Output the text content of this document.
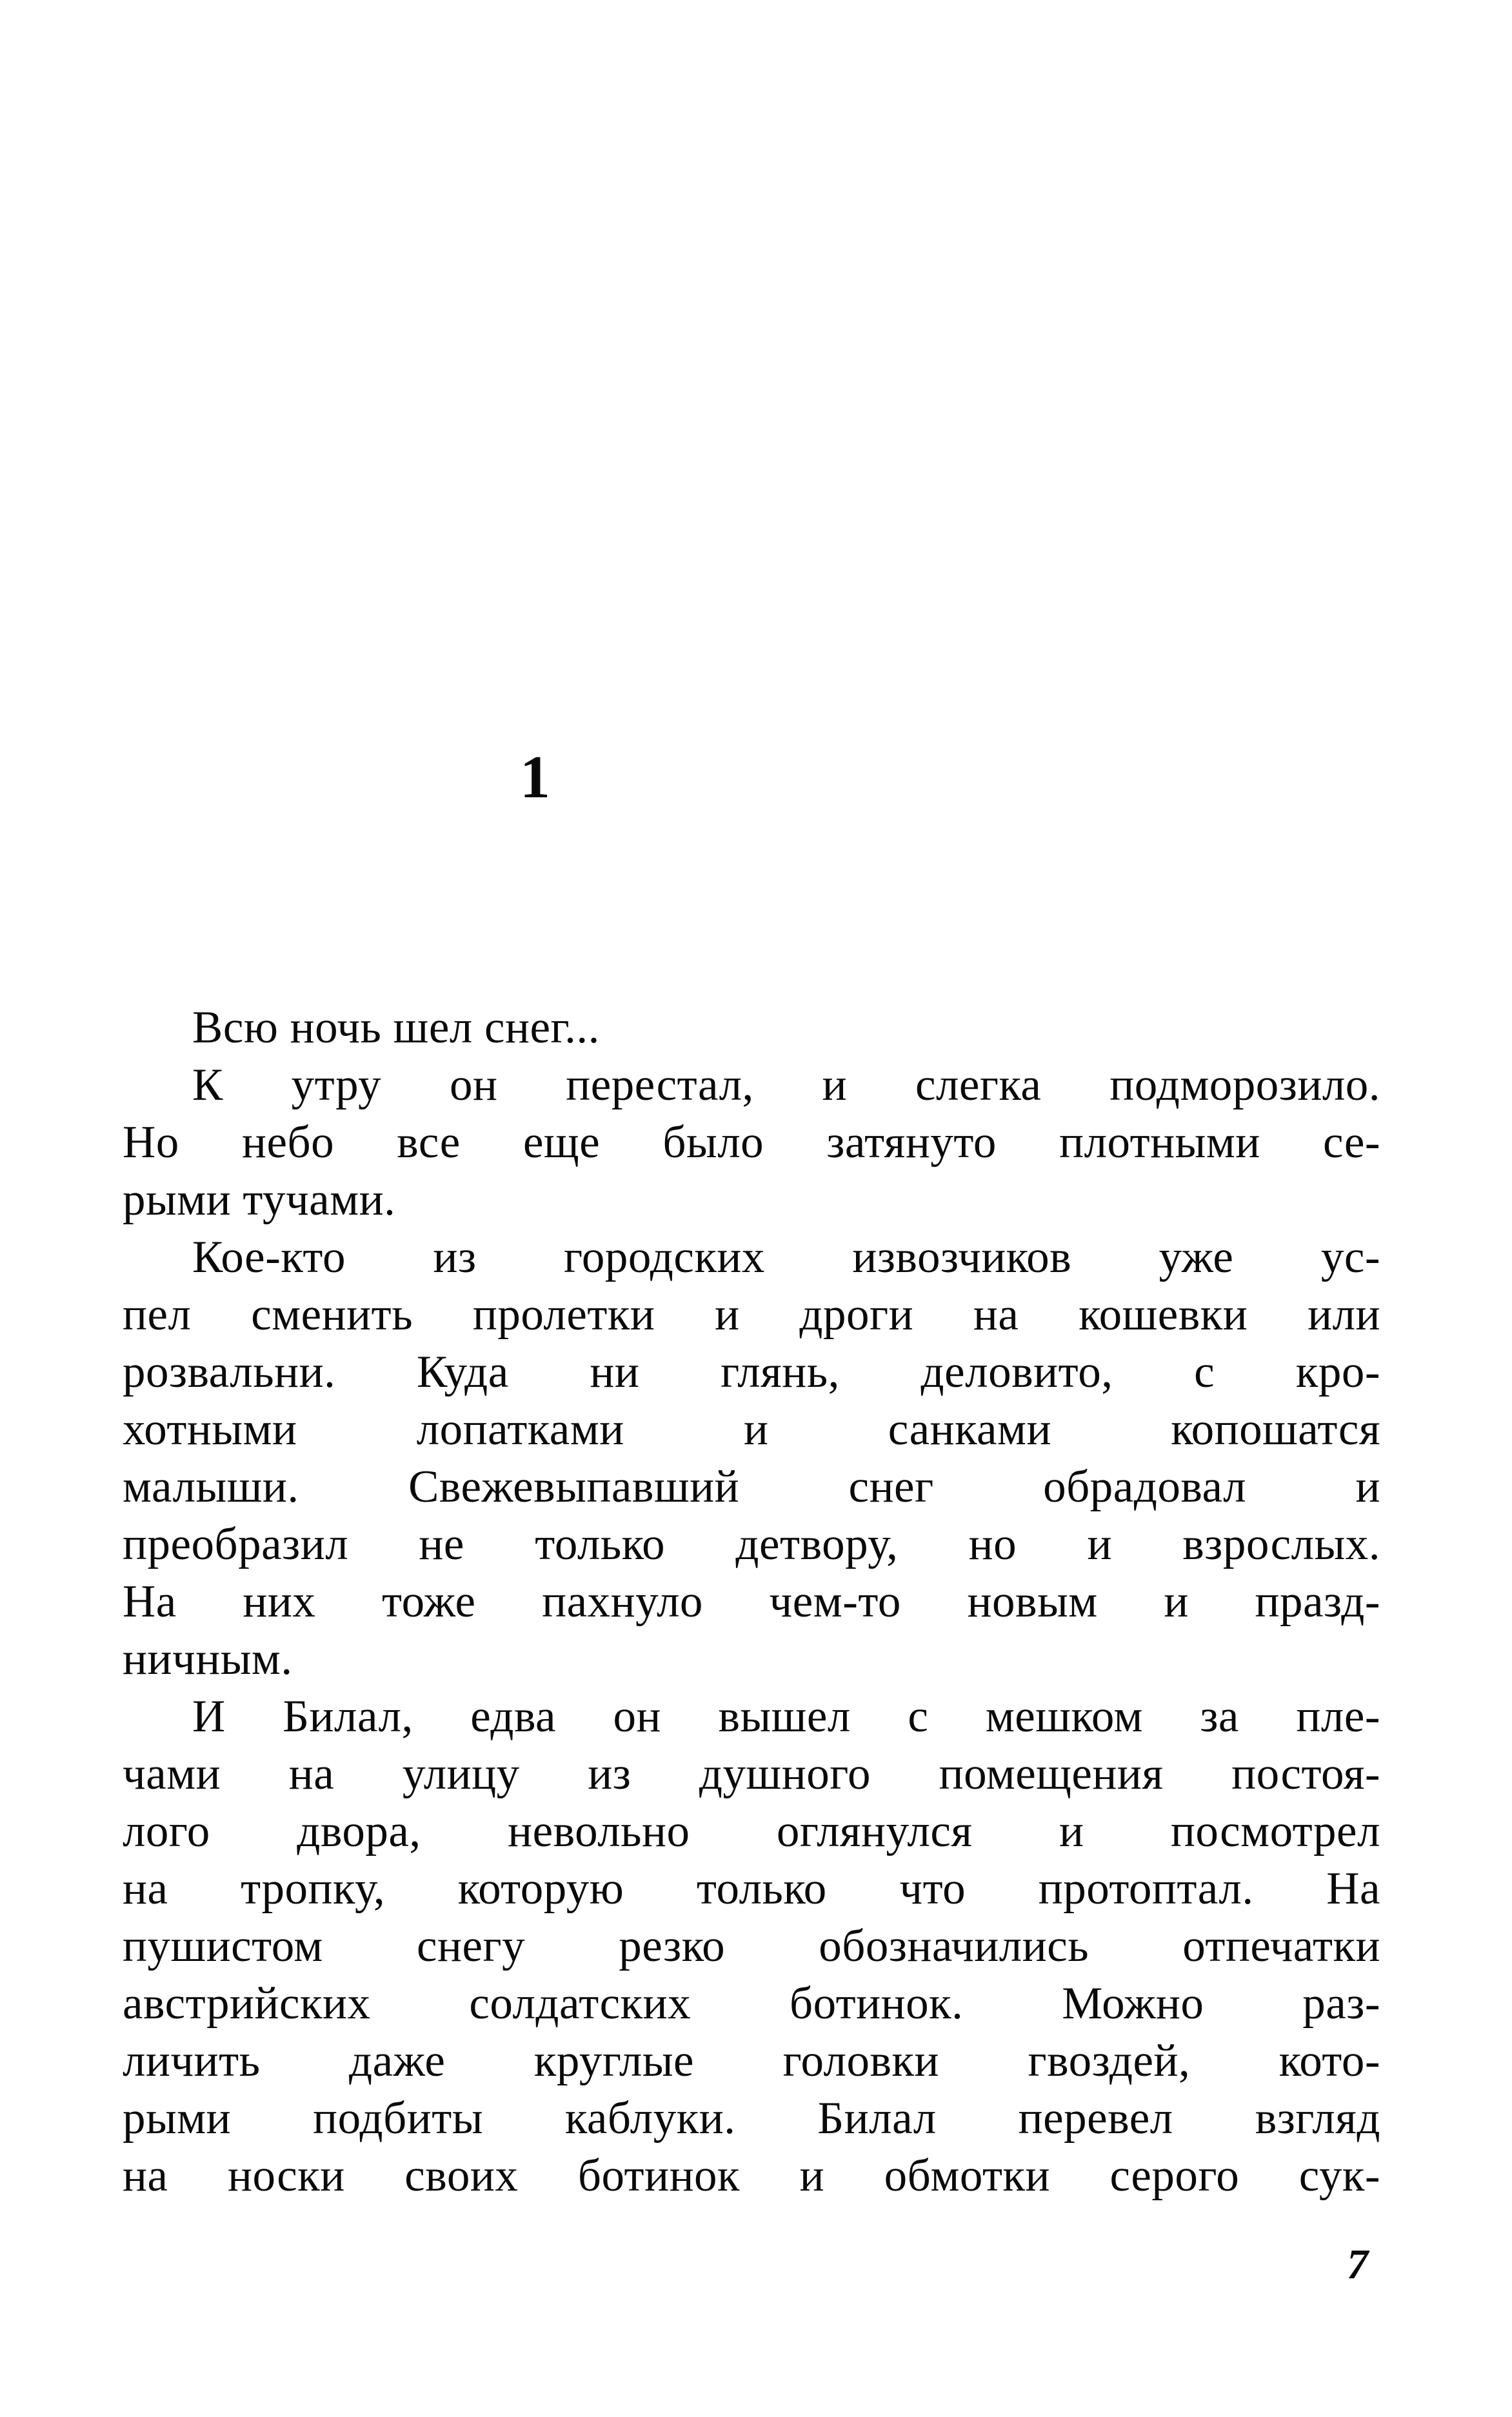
1
Всю ночь шел снег...
К утру он перестал, и слегка подморозило.
Но небо все еще было затянуто плотными се-
рыми тучами.
Кое-кто из городских извозчиков уже ус-
пел сменить пролетки и дроги на кошевки или
розвальни. Куда ни глянь, деловито, с кро-
хотными лопатками и санками копошатся
малыши. Свежевыпавший снег обрадовал и
преобразил не только детвору, но и взрослых.
На них тоже пахнуло чем-то новым и празд-
ничным.
И Билал, едва он вышел с мешком за пле-
чами на улицу из душного помещения постоя-
лого двора, невольно оглянулся и посмотрел
на тропку, которую только что протоптал. На
пушистом снегу резко обозначились отпечатки
австрийских солдатских ботинок. Можно раз-
личить даже круглые головки гвоздей, кото-
рыми подбиты каблуки. Билал перевел взгляд
на носки своих ботинок и обмотки серого сук-
7
